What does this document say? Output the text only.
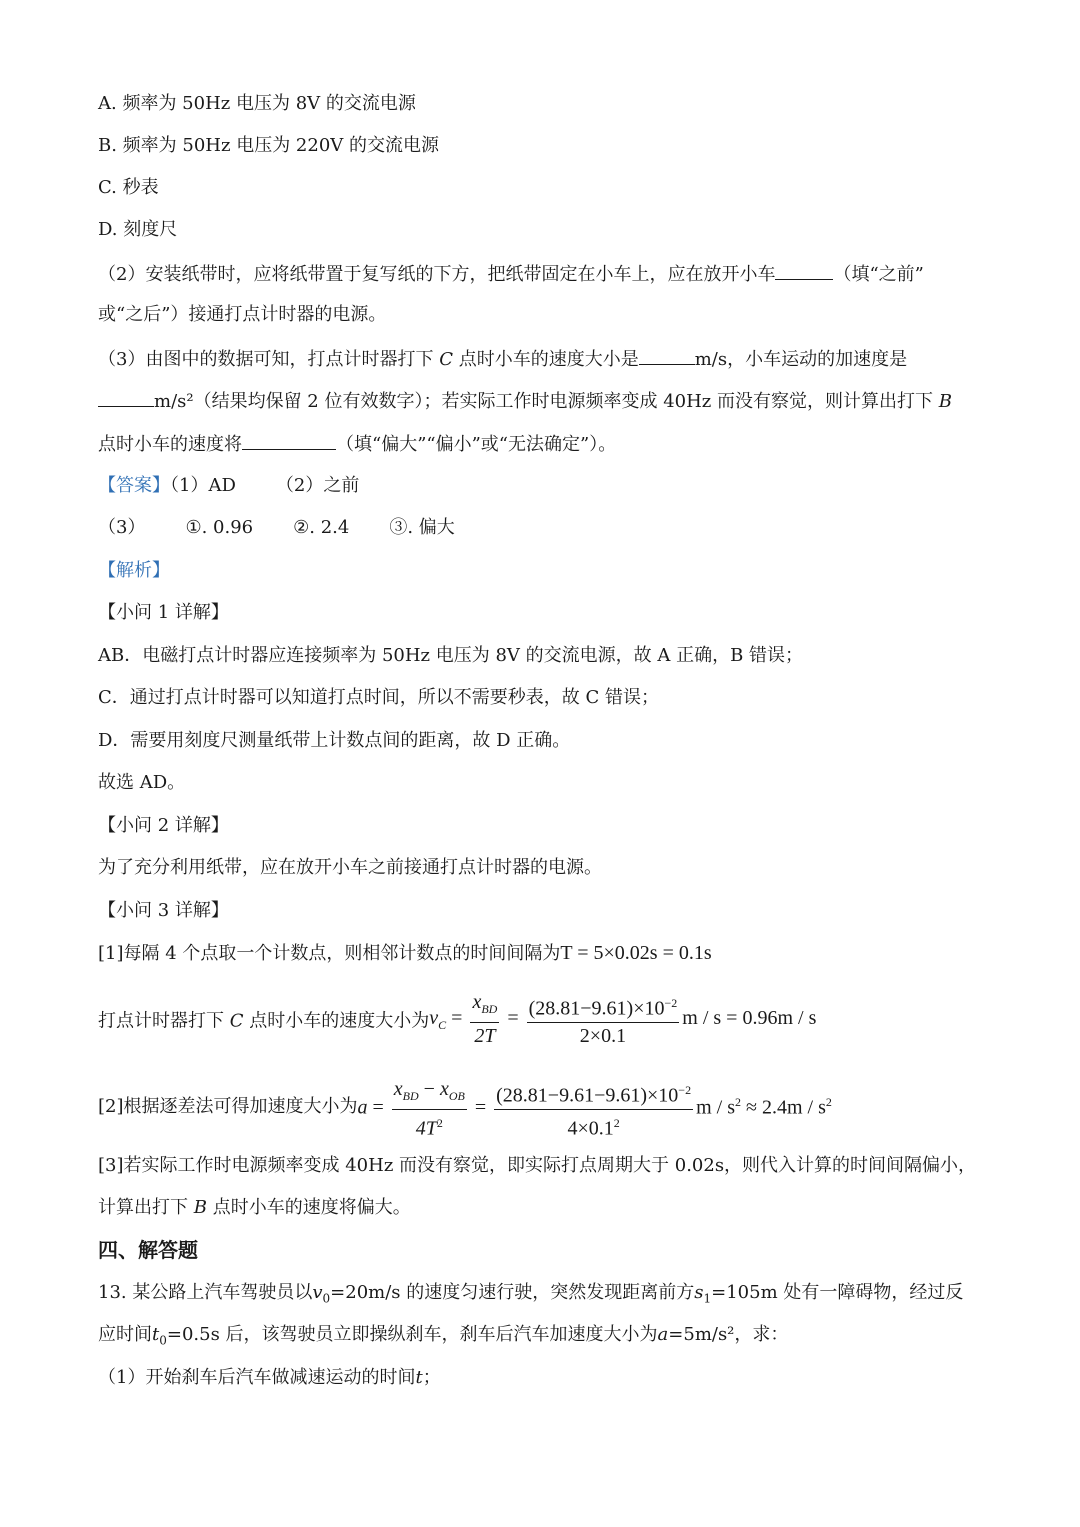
A. 频率为 50Hz 电压为 8V 的交流电源
B. 频率为 50Hz 电压为 220V 的交流电源
C. 秒表
D. 刻度尺
（2）安装纸带时，应将纸带置于复写纸的下方，把纸带固定在小车上，应在放开小车	（填“之前”
或“之后”）接通打点计时器的电源。
（3）由图中的数据可知，打点计时器打下 C 点时小车的速度大小是	m/s，小车运动的加速度是
m/s²（结果均保留 2 位有效数字）；若实际工作时电源频率变成 40Hz 而没有察觉，则计算出打下 B
点时小车的速度将	（填“偏大”“偏小”或“无法确定”）。
【答案】（1）AD （2）之前
（3） ①. 0.96 ②. 2.4 ③. 偏大
【解析】
【小问 1 详解】
AB．电磁打点计时器应连接频率为 50Hz 电压为 8V 的交流电源，故 A 正确，B 错误；
C．通过打点计时器可以知道打点时间，所以不需要秒表，故 C 错误；
D．需要用刻度尺测量纸带上计数点间的距离，故 D 正确。
故选 AD。
【小问 2 详解】
为了充分利用纸带，应在放开小车之前接通打点计时器的电源。
【小问 3 详解】
[1]每隔 4 个点取一个计数点，则相邻计数点的时间间隔为T = 5×0.02s = 0.1s
打点计时器打下 C 点时小车的速度大小为$v_C = \frac{x_{BD}}{2T} = \frac{(28.81-9.61)\times 10^{-2}}{2\times 0.1}$ m / s = 0.96m / s
[2]根据逐差法可得加速度大小为$a = \frac{x_{BD} - x_{OB}}{4T^2} = \frac{(28.81-9.61-9.61)\times 10^{-2}}{4\times 0.1^2}$ $m / s^2 \approx 2.4m / s^2$
[3]若实际工作时电源频率变成 40Hz 而没有察觉，即实际打点周期大于 0.02s，则代入计算的时间间隔偏小，
计算出打下 B 点时小车的速度将偏大。
四、解答题
13. 某公路上汽车驾驶员以$v_0=20m/s$ 的速度匀速行驶，突然发现距离前方$s_1=105m$ 处有一障碍物，经过反
应时间$t_0=0.5s$ 后，该驾驶员立即操纵刹车，刹车后汽车加速度大小为a=5m/s²，求：
（1）开始刹车后汽车做减速运动的时间t；
